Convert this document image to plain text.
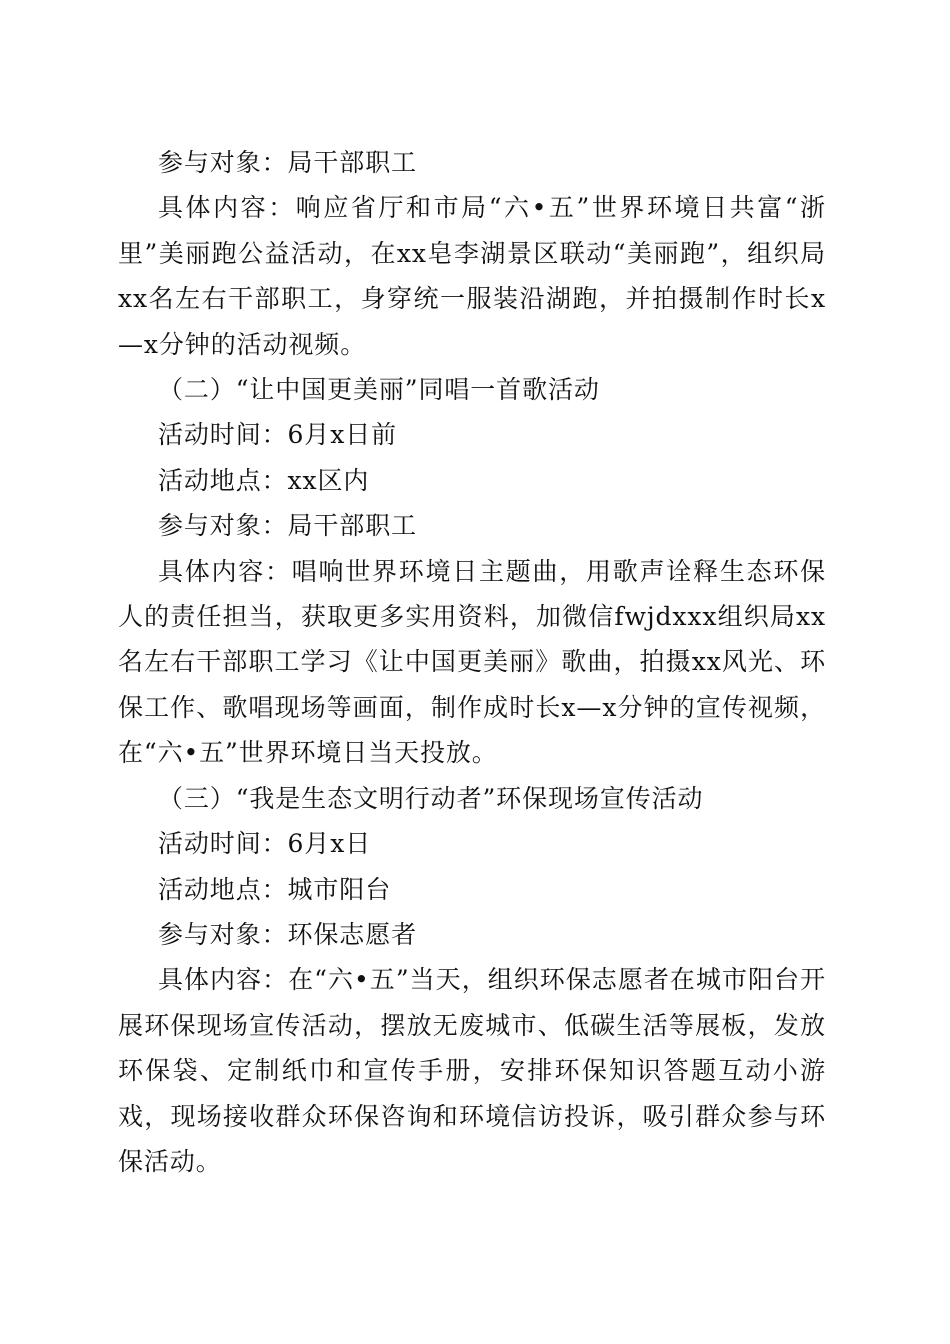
参与对象：局干部职工

具体内容：响应省厅和市局“六•五”世界环境日共富“浙里”美丽跑公益活动，在xx皂李湖景区联动“美丽跑”，组织局xx名左右干部职工，身穿统一服装沿湖跑，并拍摄制作时长x—x分钟的活动视频。

（二）“让中国更美丽”同唱一首歌活动

活动时间：6月x日前

活动地点：xx区内

参与对象：局干部职工

具体内容：唱响世界环境日主题曲，用歌声诠释生态环保人的责任担当，获取更多实用资料，加微信fwjdxxx组织局xx名左右干部职工学习《让中国更美丽》歌曲，拍摄xx风光、环保工作、歌唱现场等画面，制作成时长x—x分钟的宣传视频，在“六•五”世界环境日当天投放。

（三）“我是生态文明行动者”环保现场宣传活动

活动时间：6月x日

活动地点：城市阳台

参与对象：环保志愿者

具体内容：在“六•五”当天，组织环保志愿者在城市阳台开展环保现场宣传活动，摆放无废城市、低碳生活等展板，发放环保袋、定制纸巾和宣传手册，安排环保知识答题互动小游戏，现场接收群众环保咨询和环境信访投诉，吸引群众参与环保活动。
